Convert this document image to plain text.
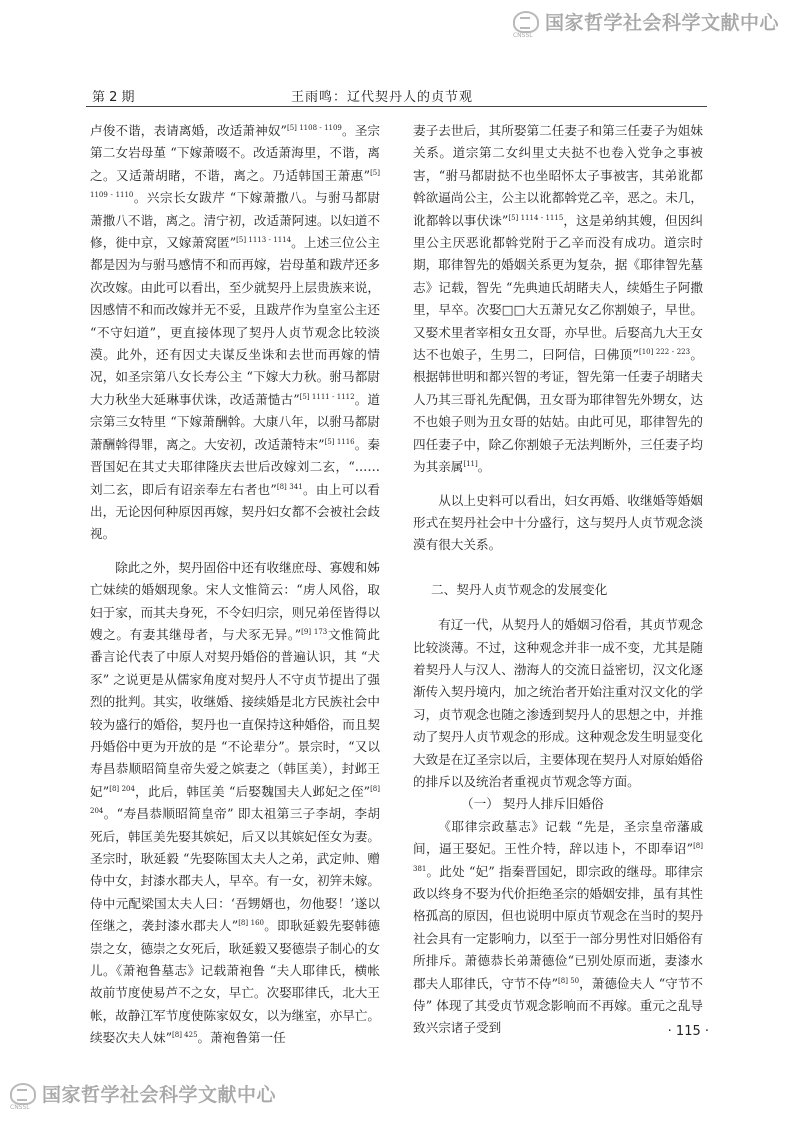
国家哲学社会科学文献中心
CNSSL
第 2 期	王雨鸣：辽代契丹人的贞节观

卢俊不谐，表请离婚，改适萧神奴”$^{[5] 1108 - 1109}$。圣宗第二女岩母堇 “下嫁萧啜不。改适萧海里，不谐，离之。又适萧胡睹，不谐，离之。乃适韩国王萧惠”$^{[5] 1109 - 1110}$。兴宗长女跋芹 “下嫁萧撒八。与驸马都尉萧撒八不谐，离之。清宁初，改适萧阿速。以妇道不修，徙中京，又嫁萧窝匿”$^{[5] 1113 - 1114}$。上述三位公主都是因为与驸马感情不和而再嫁，岩母堇和跋芹还多次改嫁。由此可以看出，至少就契丹上层贵族来说，因感情不和而改嫁并无不妥，且跋芹作为皇室公主还 “不守妇道”，更直接体现了契丹人贞节观念比较淡漠。此外，还有因丈夫谋反坐诛和去世而再嫁的情况，如圣宗第八女长寿公主 “下嫁大力秋。驸马都尉大力秋坐大延琳事伏诛，改适萧慥古”$^{[5] 1111 - 1112}$。道宗第三女特里 “下嫁萧酬斡。大康八年，以驸马都尉萧酬斡得罪，离之。大安初，改适萧特末”$^{[5] 1116}$。秦晋国妃在其丈夫耶律隆庆去世后改嫁刘二玄，“……刘二玄，即后有诏亲奉左右者也”$^{[8] 341}$。由上可以看出，无论因何种原因再嫁，契丹妇女都不会被社会歧视。

除此之外，契丹固俗中还有收继庶母、寡嫂和姊亡妹续的婚姻现象。宋人文惟简云：“虏人风俗，取妇于家，而其夫身死，不令妇归宗，则兄弟侄皆得以嫂之。有妻其继母者，与犬豕无异。”$^{[9] 173}$文惟简此番言论代表了中原人对契丹婚俗的普遍认识，其 “犬豕” 之说更是从儒家角度对契丹人不守贞节提出了强烈的批判。其实，收继婚、接续婚是北方民族社会中较为盛行的婚俗，契丹也一直保持这种婚俗，而且契丹婚俗中更为开放的是 “不论辈分”。景宗时，“又以寿昌恭顺昭简皇帝失爱之嫔妻之（韩匡美），封邺王妃”$^{[8] 204}$，此后，韩匡美 “后娶魏国夫人邺妃之侄”$^{[8] 204}$。“寿昌恭顺昭简皇帝” 即太祖第三子李胡，李胡死后，韩匡美先娶其嫔妃，后又以其嫔妃侄女为妻。圣宗时，耿延毅 “先娶陈国太夫人之弟，武定帅、赠侍中女，封漆水郡夫人，早卒。有一女，初笄未嫁。侍中元配梁国太夫人曰：‘吾甥婿也，勿他娶！’遂以侄继之，袭封漆水郡夫人”$^{[8] 160}$。即耿延毅先娶韩德崇之女，德崇之女死后，耿延毅又娶德崇子制心的女儿。《萧袍鲁墓志》记载萧袍鲁 “夫人耶律氏，横帐故前节度使易芦不之女，早亡。次娶耶律氏，北大王帐，故静江军节度使陈家奴女，以为继室，亦早亡。续娶次夫人妹”$^{[8] 425}$。萧袍鲁第一任

妻子去世后，其所娶第二任妻子和第三任妻子为姐妹关系。道宗第二女纠里丈夫挞不也卷入党争之事被害，“驸马都尉挞不也坐昭怀太子事被害，其弟讹都斡欲逼尚公主，公主以讹都斡党乙辛，恶之。未几，讹都斡以事伏诛”$^{[5] 1114 - 1115}$，这是弟纳其嫂，但因纠里公主厌恶讹都斡党附于乙辛而没有成功。道宗时期，耶律智先的婚姻关系更为复杂，据《耶律智先墓志》记载，智先 “先典迪氏胡睹夫人，续婚生子阿撒里，早卒。次娶□□大五萧兄女乙你割娘子，早世。又娶术里者宰相女丑女哥，亦早世。后娶高九大王女达不也娘子，生男二，曰阿信，曰佛顶”$^{[10] 222 - 223}$。根据韩世明和都兴智的考证，智先第一任妻子胡睹夫人乃其三哥礼先配偶，丑女哥为耶律智先外甥女，达不也娘子则为丑女哥的姑姑。由此可见，耶律智先的四任妻子中，除乙你割娘子无法判断外，三任妻子均为其亲属[11]。

从以上史料可以看出，妇女再婚、收继婚等婚姻形式在契丹社会中十分盛行，这与契丹人贞节观念淡漠有很大关系。

二、契丹人贞节观念的发展变化

有辽一代，从契丹人的婚姻习俗看，其贞节观念比较淡薄。不过，这种观念并非一成不变，尤其是随着契丹人与汉人、渤海人的交流日益密切，汉文化逐渐传入契丹境内，加之统治者开始注重对汉文化的学习，贞节观念也随之渗透到契丹人的思想之中，并推动了契丹人贞节观念的形成。这种观念发生明显变化大致是在辽圣宗以后，主要体现在契丹人对原始婚俗的排斥以及统治者重视贞节观念等方面。

（一） 契丹人排斥旧婚俗

《耶律宗政墓志》记载 “先是，圣宗皇帝藩戚间，逼王娶妃。王性介特，辞以违卜，不即奉诏”$^{[8] 381}$。此处 “妃” 指秦晋国妃，即宗政的继母。耶律宗政以终身不娶为代价拒绝圣宗的婚姻安排，虽有其性格孤高的原因，但也说明中原贞节观念在当时的契丹社会具有一定影响力，以至于一部分男性对旧婚俗有所排斥。萧德恭长弟萧德俭“已别处原而逝，妻漆水郡夫人耶律氏，守节不侍”$^{[8] 50}$，萧德俭夫人 “守节不侍” 体现了其受贞节观念影响而不再嫁。重元之乱导致兴宗诸子受到	· 115 ·
国家哲学社会科学文献中心
CNSSL
